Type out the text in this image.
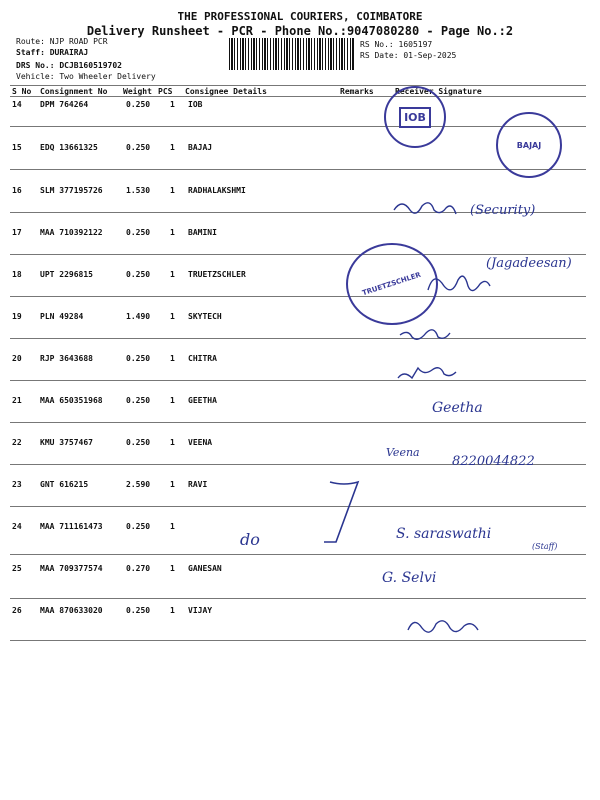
THE PROFESSIONAL COURIERS, COIMBATORE
Delivery Runsheet - PCR - Phone No.:9047080280 - Page No.:2
Route: NJP ROAD PCR
Staff: DURAIRAJ
DRS No.: DCJB160519702
Vehicle: Two Wheeler Delivery
RS No.: 1605197
RS Date: 01-Sep-2025
S No Consignment No Weight PCS Consignee Details	Remarks	Receiver Signature
14 DPM 764264	0.250 1 IOB
15 EDQ 13661325	0.250 1 BAJAJ
16 SLM 377195726	1.530 1 RADHALAKSHMI
17 MAA 710392122	0.250 1 BAMINI
18 UPT 2296815	0.250 1 TRUETZSCHLER
19 PLN 49284	1.490 1 SKYTECH
20 RJP 3643688	0.250 1 CHITRA
21 MAA 650351968	0.250 1 GEETHA
22 KMU 3757467	0.250 1 VEENA
23 GNT 616215	2.590 1 RAVI
24 MAA 711161473	0.250 1
25 MAA 709377574	0.270 1 GANESAN
26 MAA 870633020	0.250 1 VIJAY
IOB
BAJAJ
TRUETZSCHLER
(Security)
(Jagadeesan)
Geetha
Veena
8220044822
do	S. saraswathi
(Staff)
G. Selvi
